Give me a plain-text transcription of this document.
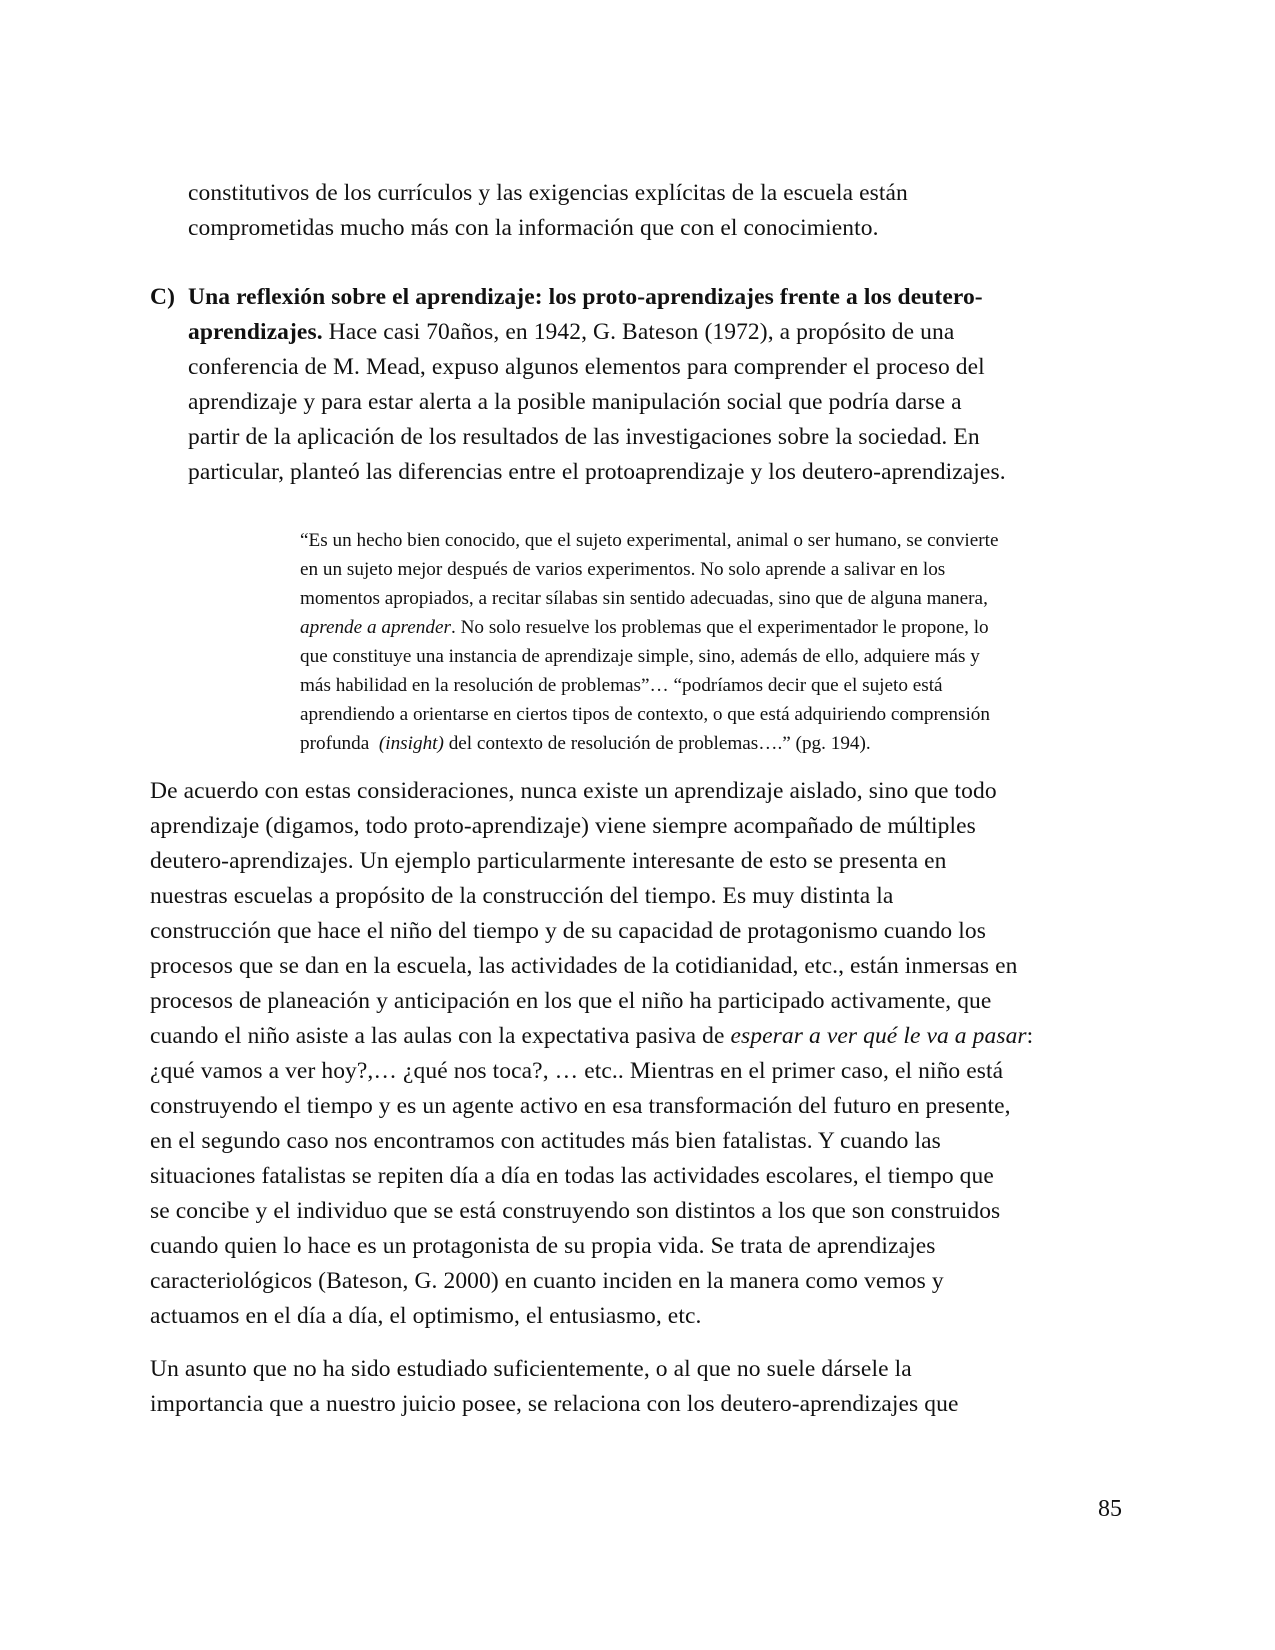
constitutivos de los currículos y las exigencias explícitas de la escuela están
comprometidas mucho más con la información que con el conocimiento.
C) Una reflexión sobre el aprendizaje: los proto-aprendizajes frente a los deutero-
aprendizajes. Hace casi 70años, en 1942, G. Bateson (1972), a propósito de una
conferencia de M. Mead, expuso algunos elementos para comprender el proceso del
aprendizaje y para estar alerta a la posible manipulación social que podría darse a
partir de la aplicación de los resultados de las investigaciones sobre la sociedad. En
particular, planteó las diferencias entre el protoaprendizaje y los deutero-aprendizajes.
“Es un hecho bien conocido, que el sujeto experimental, animal o ser humano, se convierte
en un sujeto mejor después de varios experimentos. No solo aprende a salivar en los
momentos apropiados, a recitar sílabas sin sentido adecuadas, sino que de alguna manera,
aprende a aprender. No solo resuelve los problemas que el experimentador le propone, lo
que constituye una instancia de aprendizaje simple, sino, además de ello, adquiere más y
más habilidad en la resolución de problemas”… “podríamos decir que el sujeto está
aprendiendo a orientarse en ciertos tipos de contexto, o que está adquiriendo comprensión
profunda  (insight) del contexto de resolución de problemas….” (pg. 194).
De acuerdo con estas consideraciones, nunca existe un aprendizaje aislado, sino que todo
aprendizaje (digamos, todo proto-aprendizaje) viene siempre acompañado de múltiples
deutero-aprendizajes. Un ejemplo particularmente interesante de esto se presenta en
nuestras escuelas a propósito de la construcción del tiempo. Es muy distinta la
construcción que hace el niño del tiempo y de su capacidad de protagonismo cuando los
procesos que se dan en la escuela, las actividades de la cotidianidad, etc., están inmersas en
procesos de planeación y anticipación en los que el niño ha participado activamente, que
cuando el niño asiste a las aulas con la expectativa pasiva de esperar a ver qué le va a pasar:
¿qué vamos a ver hoy?,… ¿qué nos toca?, … etc.. Mientras en el primer caso, el niño está
construyendo el tiempo y es un agente activo en esa transformación del futuro en presente,
en el segundo caso nos encontramos con actitudes más bien fatalistas. Y cuando las
situaciones fatalistas se repiten día a día en todas las actividades escolares, el tiempo que
se concibe y el individuo que se está construyendo son distintos a los que son construidos
cuando quien lo hace es un protagonista de su propia vida. Se trata de aprendizajes
caracteriológicos (Bateson, G. 2000) en cuanto inciden en la manera como vemos y
actuamos en el día a día, el optimismo, el entusiasmo, etc.
Un asunto que no ha sido estudiado suficientemente, o al que no suele dársele la
importancia que a nuestro juicio posee, se relaciona con los deutero-aprendizajes que
85
